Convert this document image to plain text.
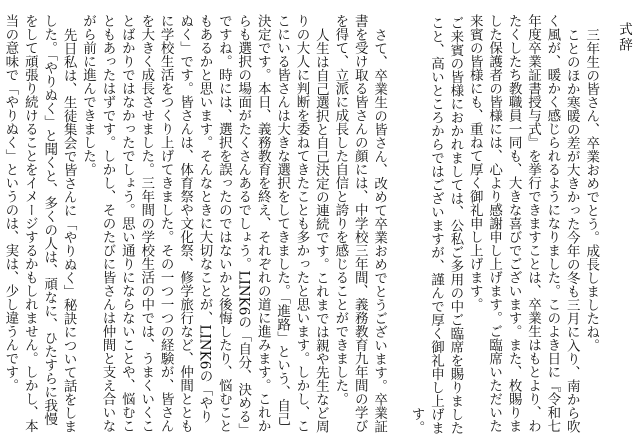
式辞

三年生の皆さん、卒業おめでとう。成長しましたね。

ことのほか寒暖の差が大きかった今年の冬も三月に入り、南から吹く風が、暖かく感じられるようになりました。このよき日に『令和七年度卒業証書授与式』を挙行できますことは、卒業生はもとより、わたくしたち教職員一同も、大きな喜びでございます。また、枚賜りました保護者の皆様には、心より感謝申し上げます。ご臨席いただいた来賓の皆様にも、重ねて厚く御礼申し上げます。

ご来賓の皆様におかれましては、公私ご多用の中ご臨席を賜りましたこと、高いところからではございますが、謹んで厚く御礼申し上げます。

さて、卒業生の皆さん、改めて卒業おめでとうございます。卒業証書を受け取る皆さんの顔には、中学校三年間、義務教育九年間の学びを得て、立派に成長した自信と誇りを感じることができました。

人生は自己選択と自己決定の連続です。これまでは親や先生など周りの大人に判断を委ねてきたことも多かったと思います。しかし、ここにいる皆さんは大きな選択をしてきました。「進路」という、自己決定です。本日、義務教育を終え、それぞれの道に進みます。これからも選択の場面がたくさんあるでしょう。LINK6の「自分、決める」ですね。時には、選択を誤ったのではないかと後悔したり、悩むこともあるかと思います。そんなときに大切なことが、LINK6の「やりぬく」です。皆さんは、体育祭や文化祭、修学旅行など、仲間とともに学校生活をつくり上げてきました。その一つ一つの経験が、皆さんを大きく成長させました。三年間の学校生活の中では、うまくいくことばかりではなかったでしょう。思い通りにならないことや、悩むこともあったはずです。しかし、そのたびに皆さんは仲間と支え合いながら前に進んできました。

先日私は、生徒集会で皆さんに「やりぬく」秘訣について話をしました。「やりぬく」と聞くと、多くの人は、頑なに、ひたすらに我慢をして頑張り続けることをイメージするかもしれません。しかし、本当の意味で「やりぬく」というのは、実は、少し違うんです。
